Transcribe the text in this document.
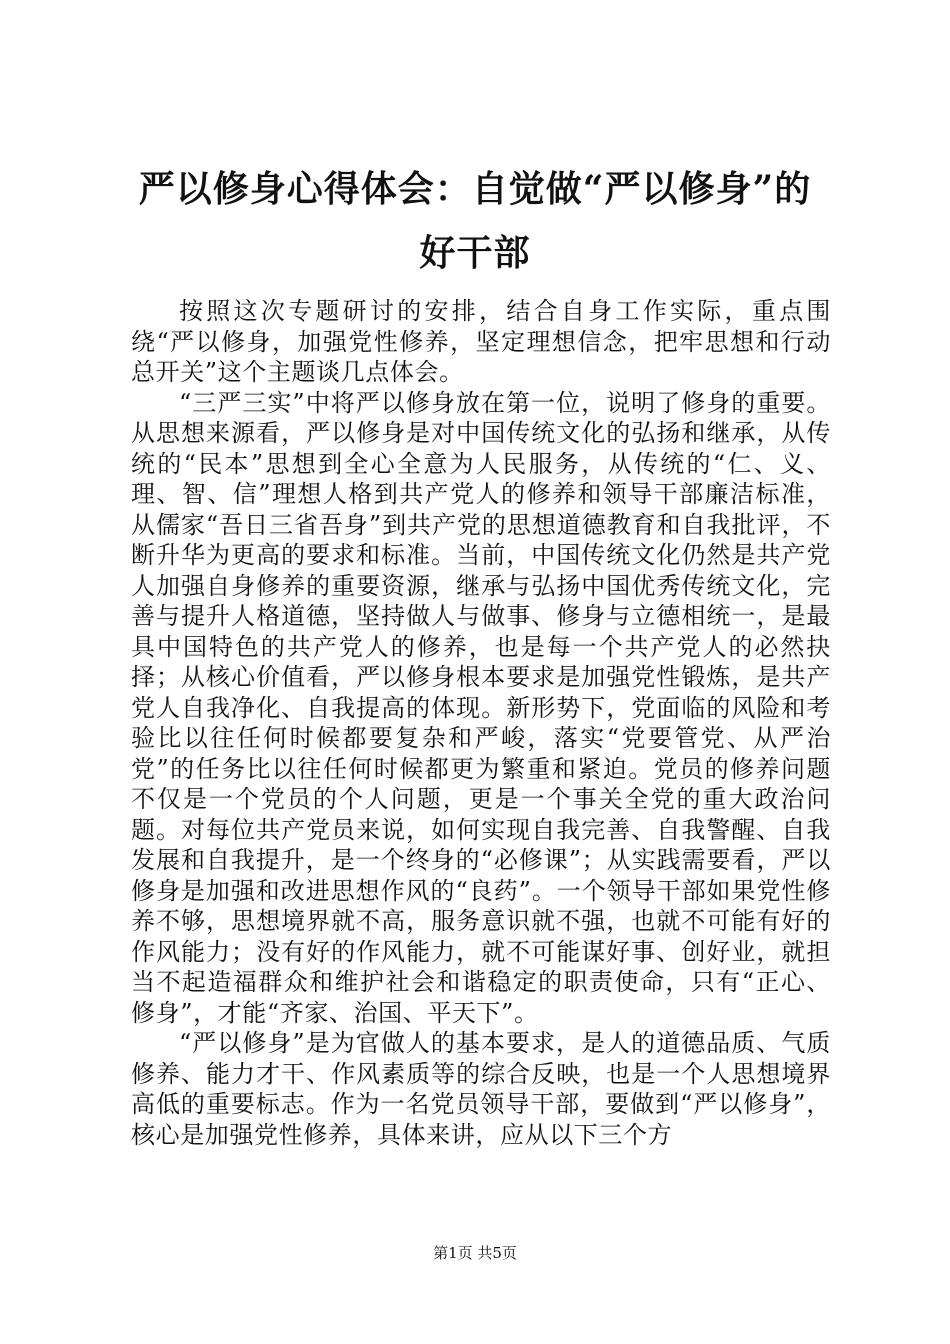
严以修身心得体会：自觉做“严以修身”的好干部

按照这次专题研讨的安排，结合自身工作实际，重点围绕“严以修身，加强党性修养，坚定理想信念，把牢思想和行动总开关”这个主题谈几点体会。

“三严三实”中将严以修身放在第一位，说明了修身的重要。从思想来源看，严以修身是对中国传统文化的弘扬和继承，从传统的“民本”思想到全心全意为人民服务，从传统的“仁、义、理、智、信”理想人格到共产党人的修养和领导干部廉洁标准，从儒家“吾日三省吾身”到共产党的思想道德教育和自我批评，不断升华为更高的要求和标准。当前，中国传统文化仍然是共产党人加强自身修养的重要资源，继承与弘扬中国优秀传统文化，完善与提升人格道德，坚持做人与做事、修身与立德相统一，是最具中国特色的共产党人的修养，也是每一个共产党人的必然抉择；从核心价值看，严以修身根本要求是加强党性锻炼，是共产党人自我净化、自我提高的体现。新形势下，党面临的风险和考验比以往任何时候都要复杂和严峻，落实“党要管党、从严治党”的任务比以往任何时候都更为繁重和紧迫。党员的修养问题不仅是一个党员的个人问题，更是一个事关全党的重大政治问题。对每位共产党员来说，如何实现自我完善、自我警醒、自我发展和自我提升，是一个终身的“必修课”；从实践需要看，严以修身是加强和改进思想作风的“良药”。一个领导干部如果党性修养不够，思想境界就不高，服务意识就不强，也就不可能有好的作风能力；没有好的作风能力，就不可能谋好事、创好业，就担当不起造福群众和维护社会和谐稳定的职责使命，只有“正心、修身”，才能“齐家、治国、平天下”。

“严以修身”是为官做人的基本要求，是人的道德品质、气质修养、能力才干、作风素质等的综合反映，也是一个人思想境界高低的重要标志。作为一名党员领导干部，要做到“严以修身”，核心是加强党性修养，具体来讲，应从以下三个方

第1页 共5页
